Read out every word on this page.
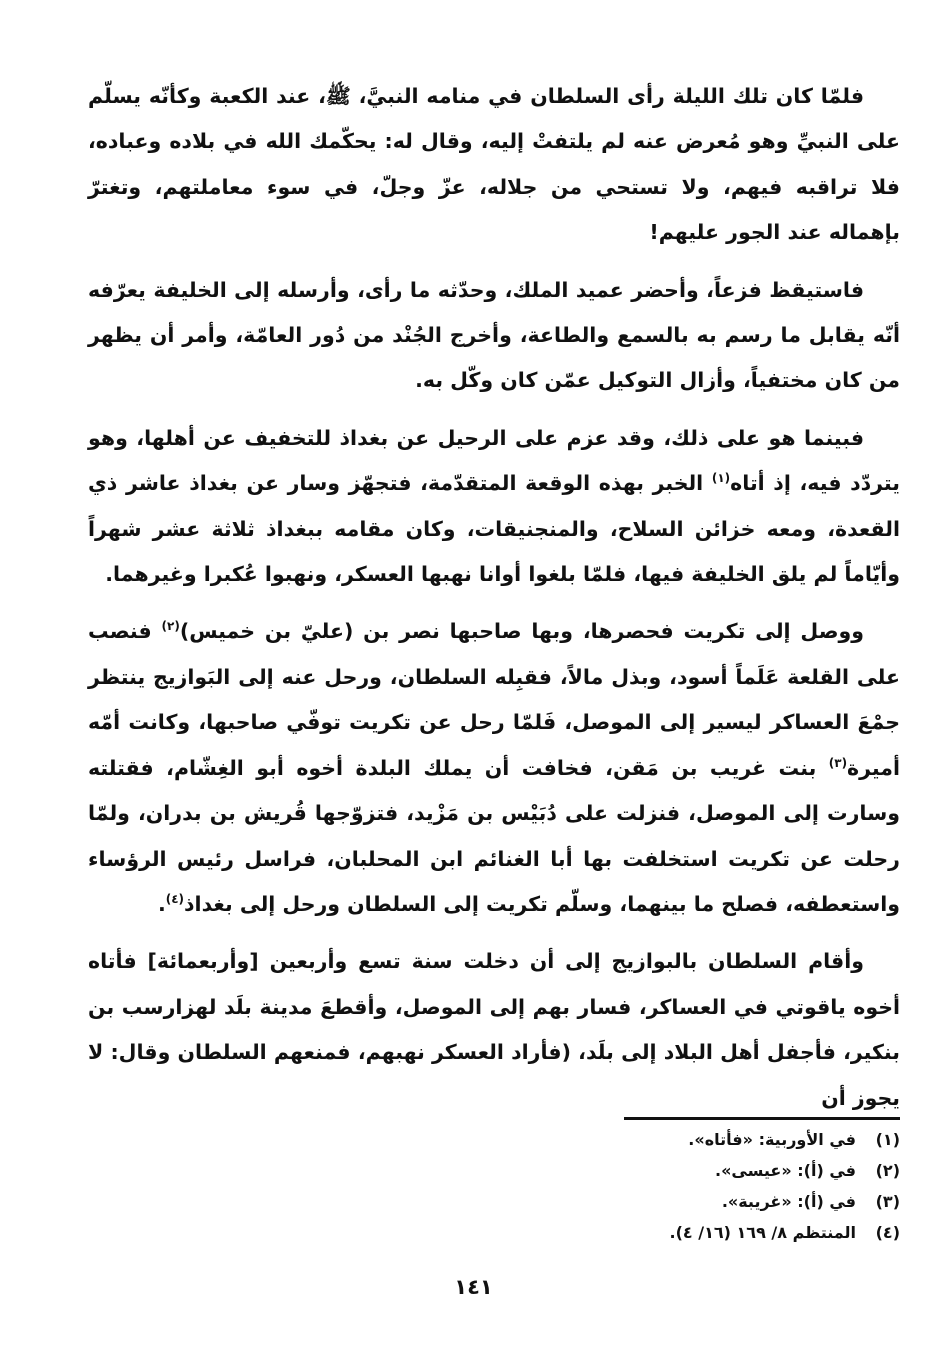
فلمّا كان تلك الليلة رأى السلطان في منامه النبيَّ، ﷺ، عند الكعبة وكأنّه يسلّم على النبيِّ وهو مُعرض عنه لم يلتفتْ إليه، وقال له: يحكّمك الله في بلاده وعباده، فلا تراقبه فيهم، ولا تستحي من جلاله، عزّ وجلّ، في سوء معاملتهم، وتغترّ بإهماله عند الجور عليهم!

فاستيقظ فزعاً، وأحضر عميد الملك، وحدّثه ما رأى، وأرسله إلى الخليفة يعرّفه أنّه يقابل ما رسم به بالسمع والطاعة، وأخرج الجُنْد من دُور العامّة، وأمر أن يظهر من كان مختفياً، وأزال التوكيل عمّن كان وكّل به.

فبينما هو على ذلك، وقد عزم على الرحيل عن بغداذ للتخفيف عن أهلها، وهو يتردّد فيه، إذ أتاه$^{(١)}$ الخبر بهذه الوقعة المتقدّمة، فتجهّز وسار عن بغداذ عاشر ذي القعدة، ومعه خزائن السلاح، والمنجنيقات، وكان مقامه ببغداذ ثلاثة عشر شهراً وأيّاماً لم يلق الخليفة فيها، فلمّا بلغوا أوانا نهبها العسكر، ونهبوا عُكبرا وغيرهما.

ووصل إلى تكريت فحصرها، وبها صاحبها نصر بن (عليّ بن خميس)$^{(٢)}$ فنصب على القلعة عَلَماً أسود، وبذل مالاً، فقبِله السلطان، ورحل عنه إلى البَوازيج ينتظر جمْعَ العساكر ليسير إلى الموصل، فَلمّا رحل عن تكريت توفّي صاحبها، وكانت أمّه أميرة$^{(٣)}$ بنت غريب بن مَقن، فخافت أن يملك البلدة أخوه أبو الغِشّام، فقتلته وسارت إلى الموصل، فنزلت على دُبَيْس بن مَزْيد، فتزوّجها قُريش بن بدران، ولمّا رحلت عن تكريت استخلفت بها أبا الغنائم ابن المحلبان، فراسل رئيس الرؤساء واستعطفه، فصلح ما بينهما، وسلّم تكريت إلى السلطان ورحل إلى بغداذ$^{(٤)}$.

وأقام السلطان بالبوازيج إلى أن دخلت سنة تسع وأربعين [وأربعمائة] فأتاه أخوه ياقوتي في العساكر، فسار بهم إلى الموصل، وأقطعَ مدينة بلَد لهزارسب بن بنكير، فأجفل أهل البلاد إلى بلَد، (فأراد العسكر نهبهم، فمنعهم السلطان وقال: لا يجوز أن

(١)
في الأوربية: «فأتاه».
(٢)
في (أ): «عيسى».
(٣)
في (أ): «غريبة».
(٤)
المنتظم ٨/ ١٦٩ (١٦/ ٤).
١٤١
